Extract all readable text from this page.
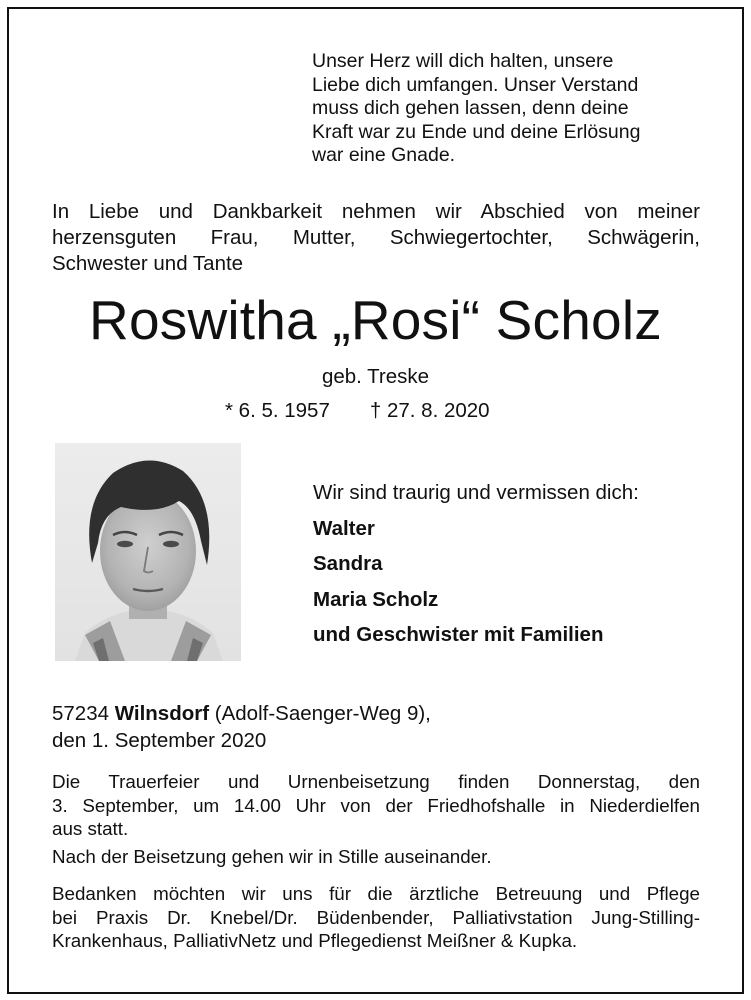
Unser Herz will dich halten, unsere
Liebe dich umfangen. Unser Verstand
muss dich gehen lassen, denn deine
Kraft war zu Ende und deine Erlösung
war eine Gnade.
In Liebe und Dankbarkeit nehmen wir Abschied von meiner
herzensguten Frau, Mutter, Schwiegertochter, Schwägerin,
Schwester und Tante
Roswitha „Rosi“ Scholz
geb. Treske
* 6. 5. 1957 † 27. 8. 2020
Wir sind traurig und vermissen dich:
Walter
Sandra
Maria Scholz
und Geschwister mit Familien
57234 Wilnsdorf (Adolf-Saenger-Weg 9),
den 1. September 2020
Die Trauerfeier und Urnenbeisetzung finden Donnerstag, den
3. September, um 14.00 Uhr von der Friedhofshalle in Niederdielfen
aus statt.
Nach der Beisetzung gehen wir in Stille auseinander.
Bedanken möchten wir uns für die ärztliche Betreuung und Pflege
bei Praxis Dr. Knebel/Dr. Büdenbender, Palliativstation Jung-Stilling-
Krankenhaus, PalliativNetz und Pflegedienst Meißner & Kupka.
